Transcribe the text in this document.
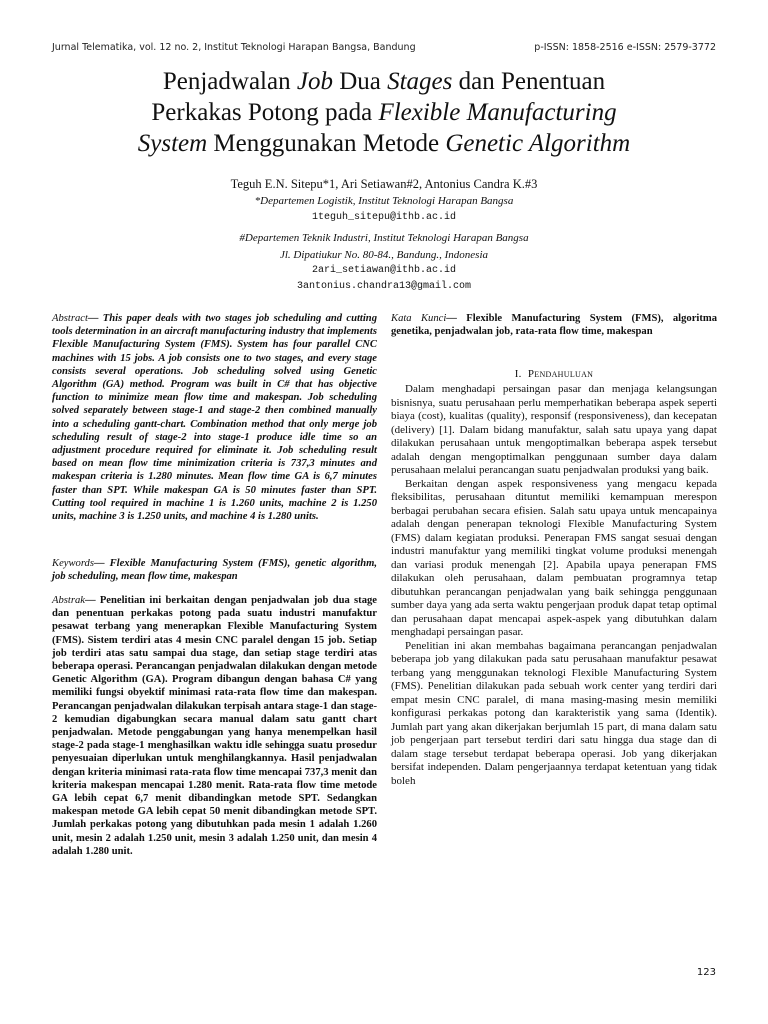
Jurnal Telematika, vol. 12 no. 2, Institut Teknologi Harapan Bangsa, Bandung	p-ISSN: 1858-2516 e-ISSN: 2579-3772
Penjadwalan Job Dua Stages dan Penentuan
Perkakas Potong pada Flexible Manufacturing
System Menggunakan Metode Genetic Algorithm
Teguh E.N. Sitepu*1, Ari Setiawan#2, Antonius Candra K.#3
*Departemen Logistik, Institut Teknologi Harapan Bangsa
1teguh_sitepu@ithb.ac.id
#Departemen Teknik Industri, Institut Teknologi Harapan Bangsa
Jl. Dipatiukur No. 80-84., Bandung., Indonesia
2ari_setiawan@ithb.ac.id
3antonius.chandra13@gmail.com
Abstract— This paper deals with two stages job scheduling and cutting tools determination in an aircraft manufacturing industry that implements Flexible Manufacturing System (FMS). System has four parallel CNC machines with 15 jobs. A job consists one to two stages, and every stage consists several operations. Job scheduling solved using Genetic Algorithm (GA) method. Program was built in C# that has objective function to minimize mean flow time and makespan. Job scheduling solved separately between stage-1 and stage-2 then combined manually into a scheduling gantt-chart. Combination method that only merge job scheduling result of stage-2 into stage-1 produce idle time so an adjustment procedure required for eliminate it. Job scheduling result based on mean flow time minimization criteria is 737,3 minutes and makespan criteria is 1.280 minutes. Mean flow time GA is 6,7 minutes faster than SPT. While makespan GA is 50 minutes faster than SPT. Cutting tool required in machine 1 is 1.260 units, machine 2 is 1.250 units, machine 3 is 1.250 units, and machine 4 is 1.280 units.
Keywords— Flexible Manufacturing System (FMS), genetic algorithm, job scheduling, mean flow time, makespan
Abstrak— Penelitian ini berkaitan dengan penjadwalan job dua stage dan penentuan perkakas potong pada suatu industri manufaktur pesawat terbang yang menerapkan Flexible Manufacturing System (FMS). Sistem terdiri atas 4 mesin CNC paralel dengan 15 job. Setiap job terdiri atas satu sampai dua stage, dan setiap stage terdiri atas beberapa operasi. Perancangan penjadwalan dilakukan dengan metode Genetic Algorithm (GA). Program dibangun dengan bahasa C# yang memiliki fungsi obyektif minimasi rata-rata flow time dan makespan. Perancangan penjadwalan dilakukan terpisah antara stage-1 dan stage-2 kemudian digabungkan secara manual dalam satu gantt chart penjadwalan. Metode penggabungan yang hanya menempelkan hasil stage-2 pada stage-1 menghasilkan waktu idle sehingga suatu prosedur penyesuaian diperlukan untuk menghilangkannya. Hasil penjadwalan dengan kriteria minimasi rata-rata flow time mencapai 737,3 menit dan kriteria makespan mencapai 1.280 menit. Rata-rata flow time metode GA lebih cepat 6,7 menit dibandingkan metode SPT. Sedangkan makespan metode GA lebih cepat 50 menit dibandingkan metode SPT. Jumlah perkakas potong yang dibutuhkan pada mesin 1 adalah 1.260 unit, mesin 2 adalah 1.250 unit, mesin 3 adalah 1.250 unit, dan mesin 4 adalah 1.280 unit.
Kata Kunci— Flexible Manufacturing System (FMS), algoritma genetika, penjadwalan job, rata-rata flow time, makespan
I. Pendahuluan

Dalam menghadapi persaingan pasar dan menjaga kelangsungan bisnisnya, suatu perusahaan perlu memperhatikan beberapa aspek seperti biaya (cost), kualitas (quality), responsif (responsiveness), dan kecepatan (delivery) [1]. Dalam bidang manufaktur, salah satu upaya yang dapat dilakukan perusahaan untuk mengoptimalkan beberapa aspek tersebut adalah dengan mengoptimalkan penggunaan sumber daya dalam perusahaan melalui perancangan suatu penjadwalan produksi yang baik.

Berkaitan dengan aspek responsiveness yang mengacu kepada fleksibilitas, perusahaan dituntut memiliki kemampuan merespon berbagai perubahan secara efisien. Salah satu upaya untuk mencapainya adalah dengan penerapan teknologi Flexible Manufacturing System (FMS) dalam kegiatan produksi. Penerapan FMS sangat sesuai dengan industri manufaktur yang memiliki tingkat volume produksi menengah dan variasi produk menengah [2]. Apabila upaya penerapan FMS dilakukan oleh perusahaan, dalam pembuatan programnya tetap dibutuhkan perancangan penjadwalan yang baik sehingga penggunaan sumber daya yang ada serta waktu pengerjaan produk dapat tetap optimal dan perusahaan dapat mencapai aspek-aspek yang dibutuhkan dalam menghadapi persaingan pasar.

Penelitian ini akan membahas bagaimana perancangan penjadwalan beberapa job yang dilakukan pada satu perusahaan manufaktur pesawat terbang yang menggunakan teknologi Flexible Manufacturing System (FMS). Penelitian dilakukan pada sebuah work center yang terdiri dari empat mesin CNC paralel, di mana masing-masing mesin memiliki konfigurasi perkakas potong dan karakteristik yang sama (Identik). Jumlah part yang akan dikerjakan berjumlah 15 part, di mana dalam satu job pengerjaan part tersebut terdiri dari satu hingga dua stage dan di dalam stage tersebut terdapat beberapa operasi. Job yang dikerjakan bersifat independen. Dalam pengerjaannya terdapat ketentuan yang tidak boleh

123
